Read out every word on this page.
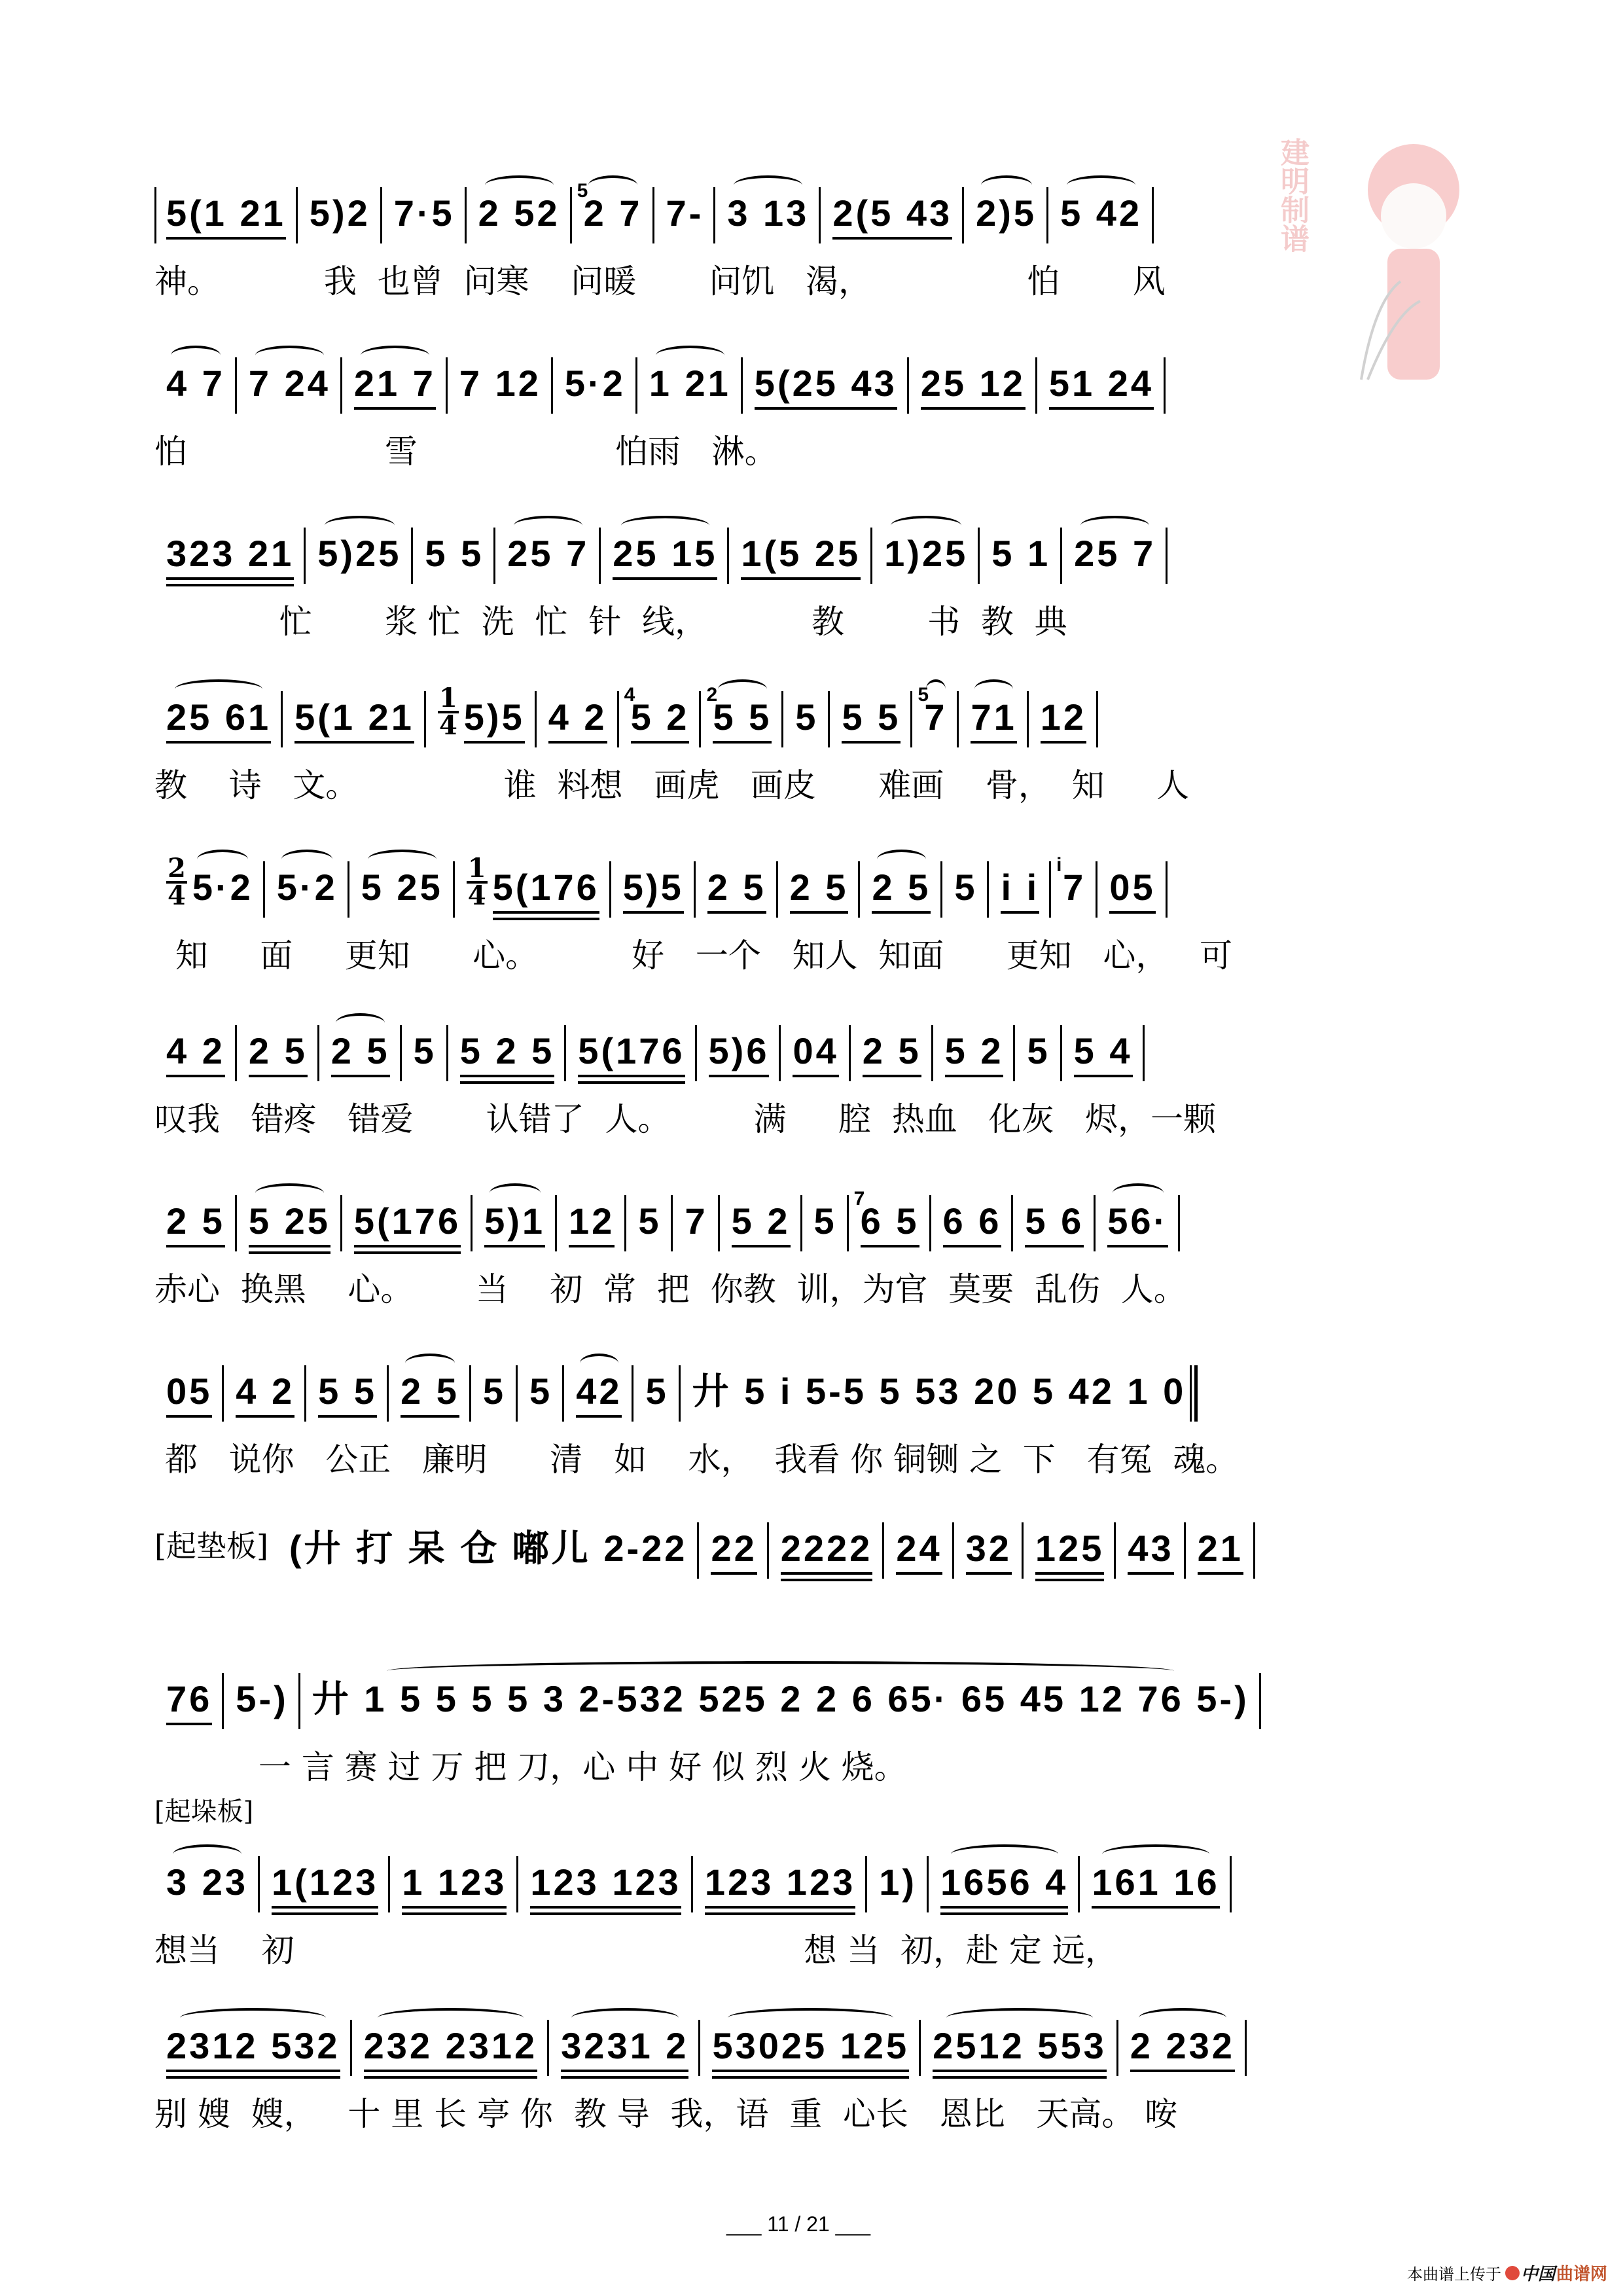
建明制谱
5(1 21 5)2 7·5 2 52 2 7
5
7- 3 13 2(5 43 2)5 5 42
神。          我  也曾  问寒    问暖       问饥   渴，               怕       风
4 7 7 24 21 7 7 12 5·2 1 21 5(25 43 25 12 51 24
怕                   雪                   怕雨   淋。
323 21 5)25 5 5 25 7 25 15 1(5 25 1)25 5 1 25 7
忙       浆 忙  洗  忙  针  线，          教        书  教  典
25 61 5(1 $21 \frac{1}{4} 5)5$ 4 2 5 2
4
5 5
2
5 5 5 7
5
71 12
教    诗   文。              谁  料想   画虎   画皮      难画    骨，  知     人
$\frac{2}{4} 5\cdot 2$ 5·2 5 $25 \frac{1}{4} 5(176$ 5)5 2 5 2 5 2 5 5 i i 7
i
05
知     面     更知      心。         好   一个   知人  知面      更知   心，   可
4 2 2 5 2 5 5 5 2 5 5(176 5)6 04 2 5 5 2 5 5 4
叹我   错疼   错爱       认错了  人。        满     腔  热血   化灰   烬，一颗
2 5 5 25 5(176 5)1 12 5 7 5 2 5 6 5
7
6 6 5 6 56·
赤心  换黑    心。      当    初  常  把  你教  训，为官  莫要  乱伤  人。
05 4 2 5 5 2 5 5 5 42 5 廾 5 i 5-5 5 53 20 5 42 1 0
都   说你   公正   廉明      清   如    水，  我看 你 铜铡 之  下   有冤  魂。
[起垫板] (廾 打 呆 仓 嘟儿 2-22 22 2222 24 32 125 43 21
76 5-) 廾 1 5 5 5 5 3 2-532 525 2 2 6 65· 65 45 12 76 5-)
一 言 赛 过 万 把 刀，心 中 好 似 烈 火 烧。
3 23 1(123 1 123 123 123 123 123 1) 1656 4 161 16
想当    初                                                 想 当  初，赴 定 远，
2312 532 232 2312 3231 2 53025 125 2512 553 2 232
别 嫂  嫂，   十 里 长 亭 你  教 导  我，语  重  心长   恩比   天高。 咹
___ 11 / 21 ___
本曲谱上传于 中国 曲谱网
[起垛板]
